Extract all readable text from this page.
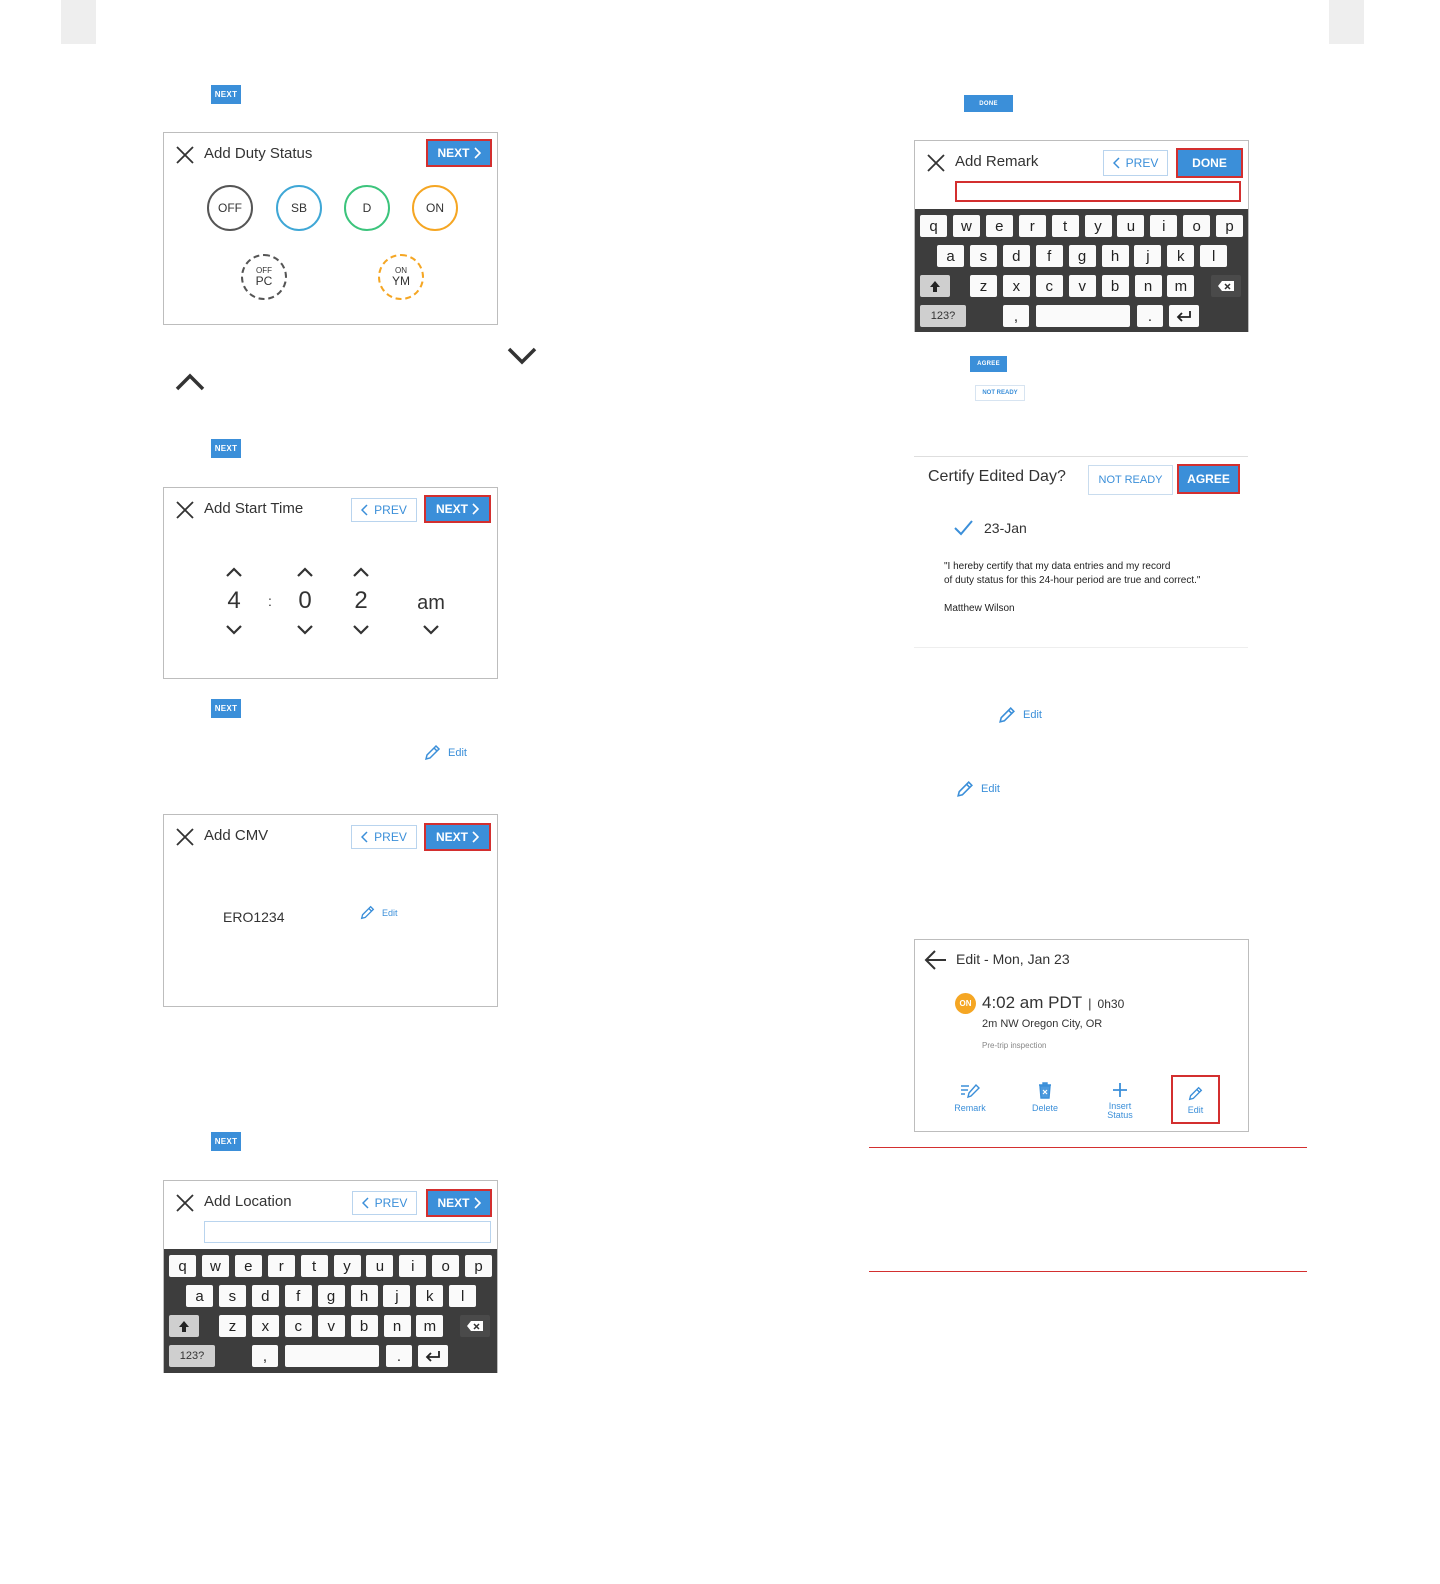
NEXT
Add Duty Status	NEXT
OFF	SB	D	ON
OFF
PC
ON
YM
NEXT
Add Start Time	PREV NEXT
4	:	0	2	am
NEXT
Edit
Add CMV	PREV NEXT
ERO1234	Edit
NEXT
Add Location	PREV	NEXT
q	w	e	r	t	y	u	i	o	p
a	s	d	f	g	h	j	k	l
z	x	c	v	b	n	m
123?	,	.
DONE
Add Remark	PREV	DONE
q	w	e	r	t	y	u	i	o	p
a	s	d	f	g	h	j	k	l
z	x	c	v	b	n	m
123?	,	.
AGREE
NOT READY
Certify Edited Day?	NOT READY AGREE
23-Jan
"I hereby certify that my data entries and my record
of duty status for this 24-hour period are true and correct."
Matthew Wilson
Edit
Edit
Edit - Mon, Jan 23
ON 4:02 am PDT | 0h30
2m NW Oregon City, OR
Pre-trip inspection
Remark	Delete	Insert
Status
Edit
